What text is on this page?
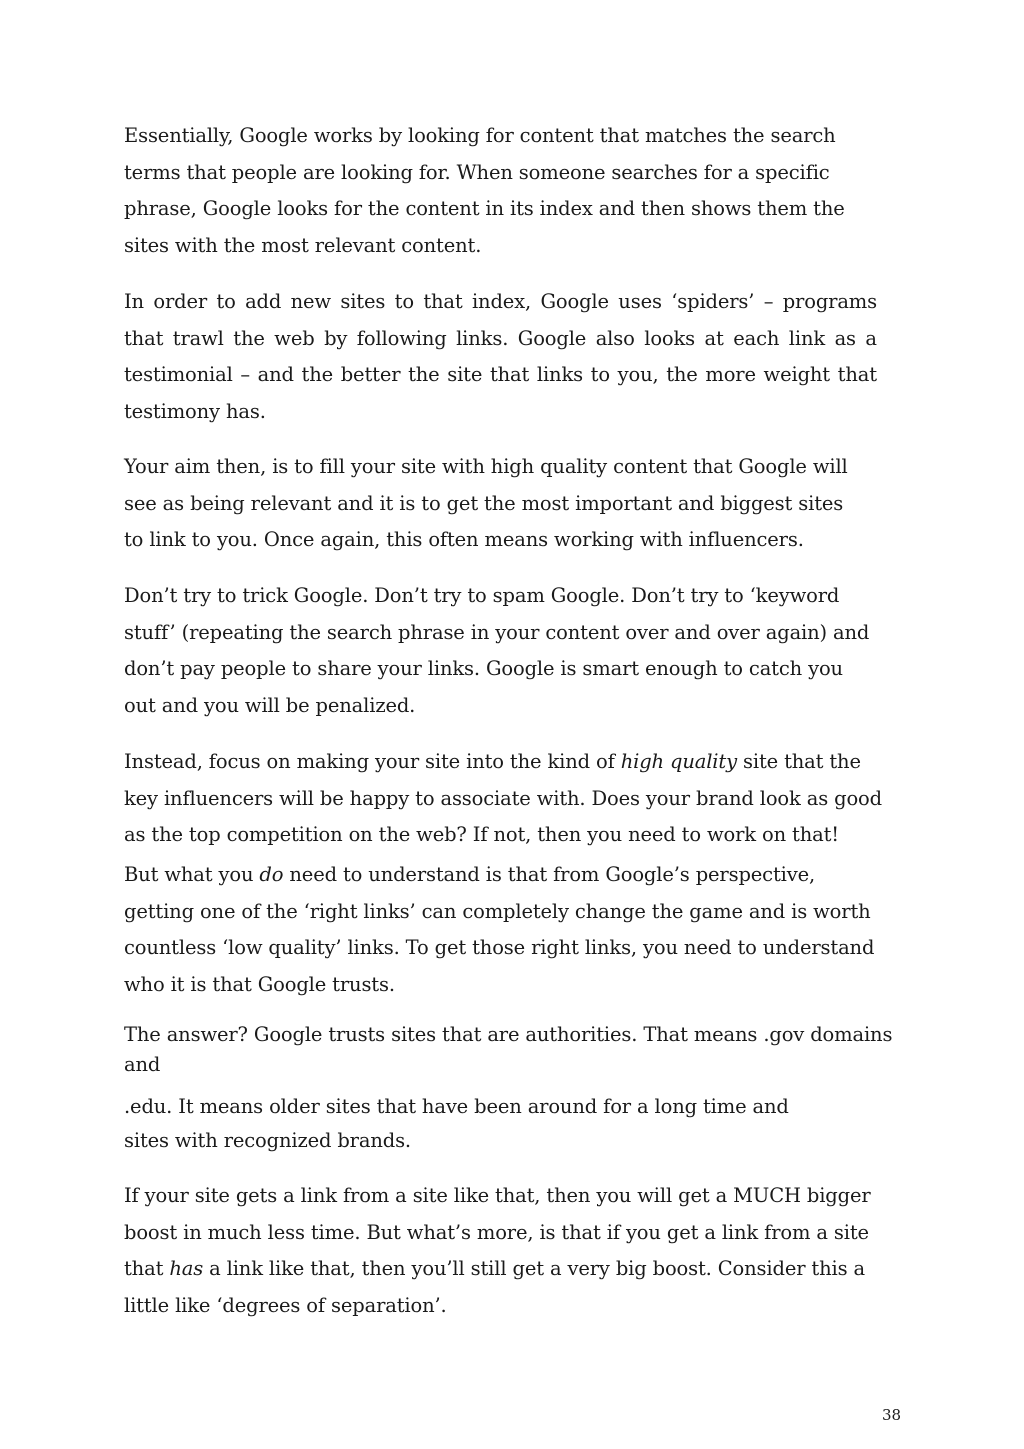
Essentially, Google works by looking for content that matches the search
terms that people are looking for. When someone searches for a specific
phrase, Google looks for the content in its index and then shows them the
sites with the most relevant content.

In order to add new sites to that index, Google uses ‘spiders’ – programs
that trawl the web by following links. Google also looks at each link as a
testimonial – and the better the site that links to you, the more weight that
testimony has.

Your aim then, is to fill your site with high quality content that Google will
see as being relevant and it is to get the most important and biggest sites
to link to you. Once again, this often means working with influencers.

Don’t try to trick Google. Don’t try to spam Google. Don’t try to ‘keyword
stuff’ (repeating the search phrase in your content over and over again) and
don’t pay people to share your links. Google is smart enough to catch you
out and you will be penalized.

Instead, focus on making your site into the kind of high quality site that the
key influencers will be happy to associate with. Does your brand look as good
as the top competition on the web? If not, then you need to work on that!

But what you do need to understand is that from Google’s perspective,
getting one of the ‘right links’ can completely change the game and is worth
countless ‘low quality’ links. To get those right links, you need to understand
who it is that Google trusts.

The answer? Google trusts sites that are authorities. That means .gov domains
and

.edu. It means older sites that have been around for a long time and
sites with recognized brands.

If your site gets a link from a site like that, then you will get a MUCH bigger
boost in much less time. But what’s more, is that if you get a link from a site
that has a link like that, then you’ll still get a very big boost. Consider this a
little like ‘degrees of separation’.

38
